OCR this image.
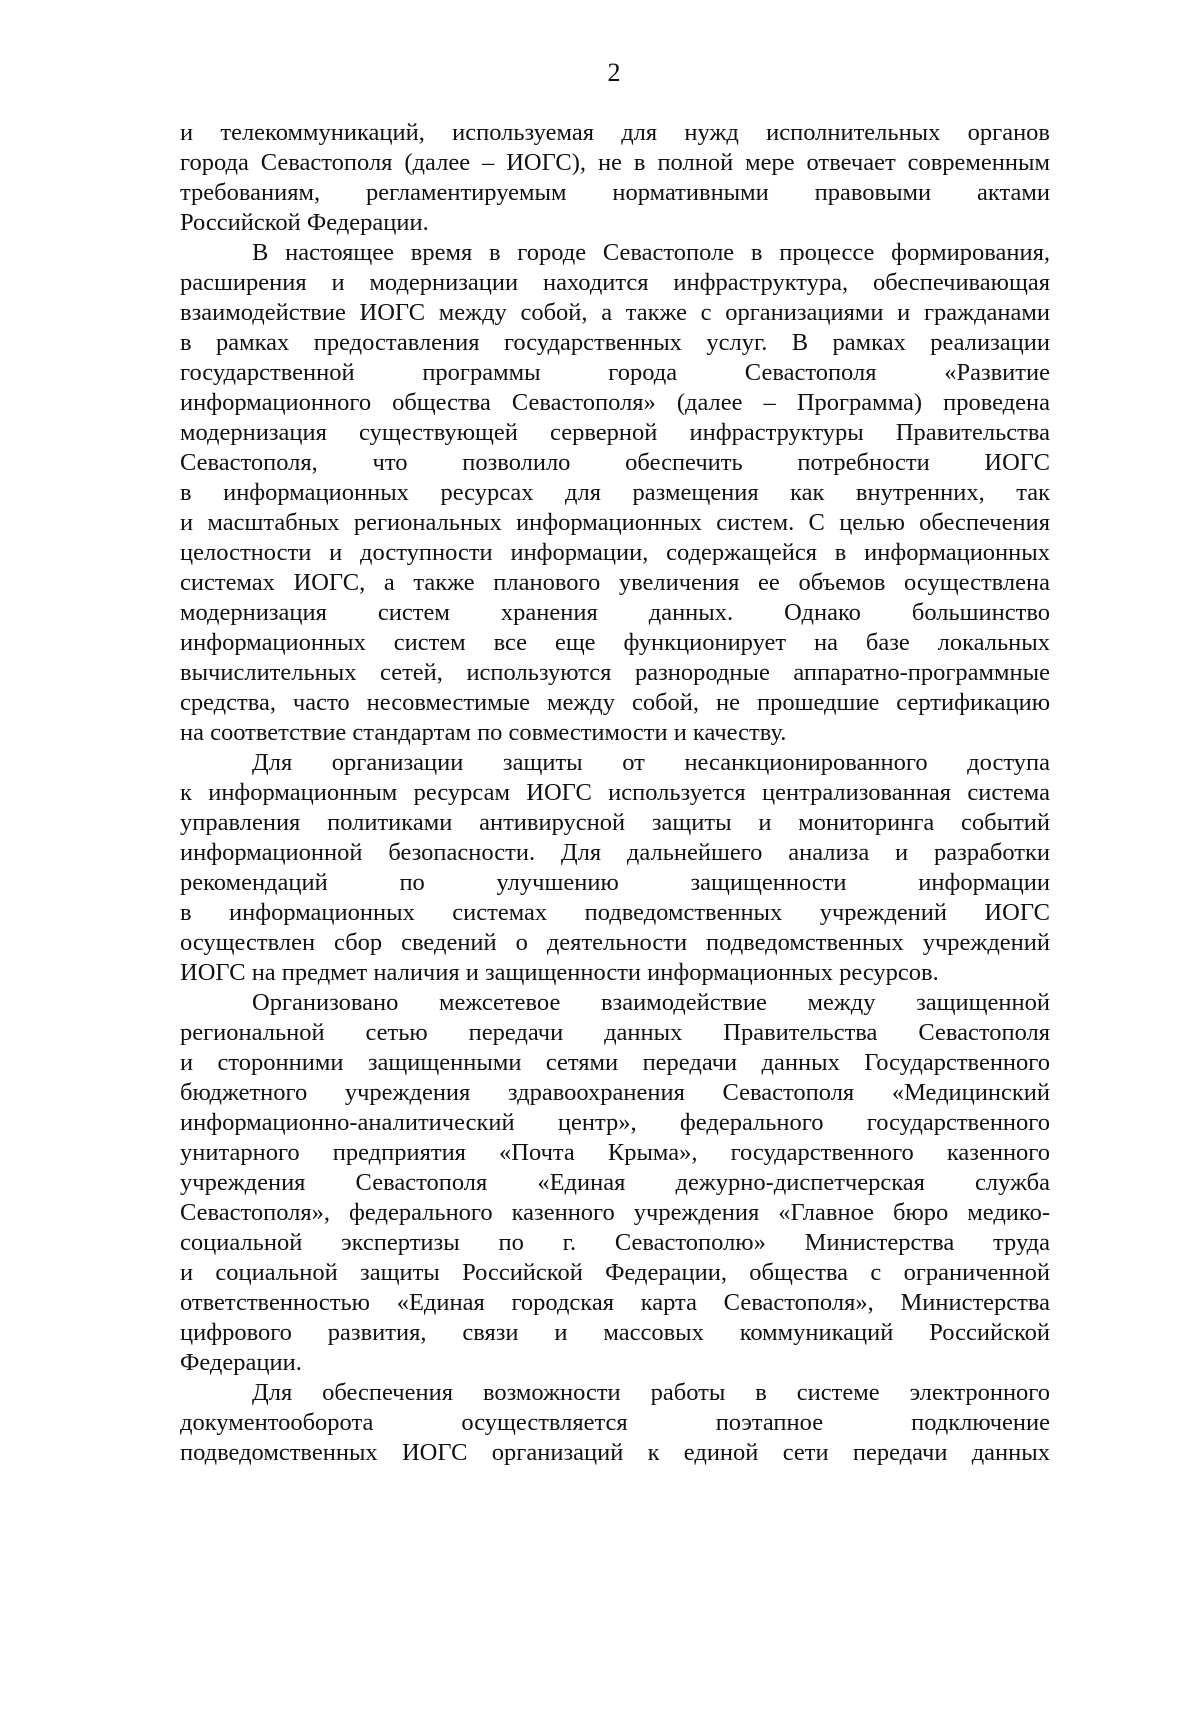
2
и телекоммуникаций, используемая для нужд исполнительных органов
города Севастополя (далее – ИОГС), не в полной мере отвечает современным
требованиям, регламентируемым нормативными правовыми актами
Российской Федерации.
В настоящее время в городе Севастополе в процессе формирования,
расширения и модернизации находится инфраструктура, обеспечивающая
взаимодействие ИОГС между собой, а также с организациями и гражданами
в рамках предоставления государственных услуг. В рамках реализации
государственной программы города Севастополя «Развитие
информационного общества Севастополя» (далее – Программа) проведена
модернизация существующей серверной инфраструктуры Правительства
Севастополя, что позволило обеспечить потребности ИОГС
в информационных ресурсах для размещения как внутренних, так
и масштабных региональных информационных систем. С целью обеспечения
целостности и доступности информации, содержащейся в информационных
системах ИОГС, а также планового увеличения ее объемов осуществлена
модернизация систем хранения данных. Однако большинство
информационных систем все еще функционирует на базе локальных
вычислительных сетей, используются разнородные аппаратно-программные
средства, часто несовместимые между собой, не прошедшие сертификацию
на соответствие стандартам по совместимости и качеству.
Для организации защиты от несанкционированного доступа
к информационным ресурсам ИОГС используется централизованная система
управления политиками антивирусной защиты и мониторинга событий
информационной безопасности. Для дальнейшего анализа и разработки
рекомендаций по улучшению защищенности информации
в информационных системах подведомственных учреждений ИОГС
осуществлен сбор сведений о деятельности подведомственных учреждений
ИОГС на предмет наличия и защищенности информационных ресурсов.
Организовано межсетевое взаимодействие между защищенной
региональной сетью передачи данных Правительства Севастополя
и сторонними защищенными сетями передачи данных Государственного
бюджетного учреждения здравоохранения Севастополя «Медицинский
информационно-аналитический центр», федерального государственного
унитарного предприятия «Почта Крыма», государственного казенного
учреждения Севастополя «Единая дежурно-диспетчерская служба
Севастополя», федерального казенного учреждения «Главное бюро медико-
социальной экспертизы по г. Севастополю» Министерства труда
и социальной защиты Российской Федерации, общества с ограниченной
ответственностью «Единая городская карта Севастополя», Министерства
цифрового развития, связи и массовых коммуникаций Российской
Федерации.
Для обеспечения возможности работы в системе электронного
документооборота осуществляется поэтапное подключение
подведомственных ИОГС организаций к единой сети передачи данных
